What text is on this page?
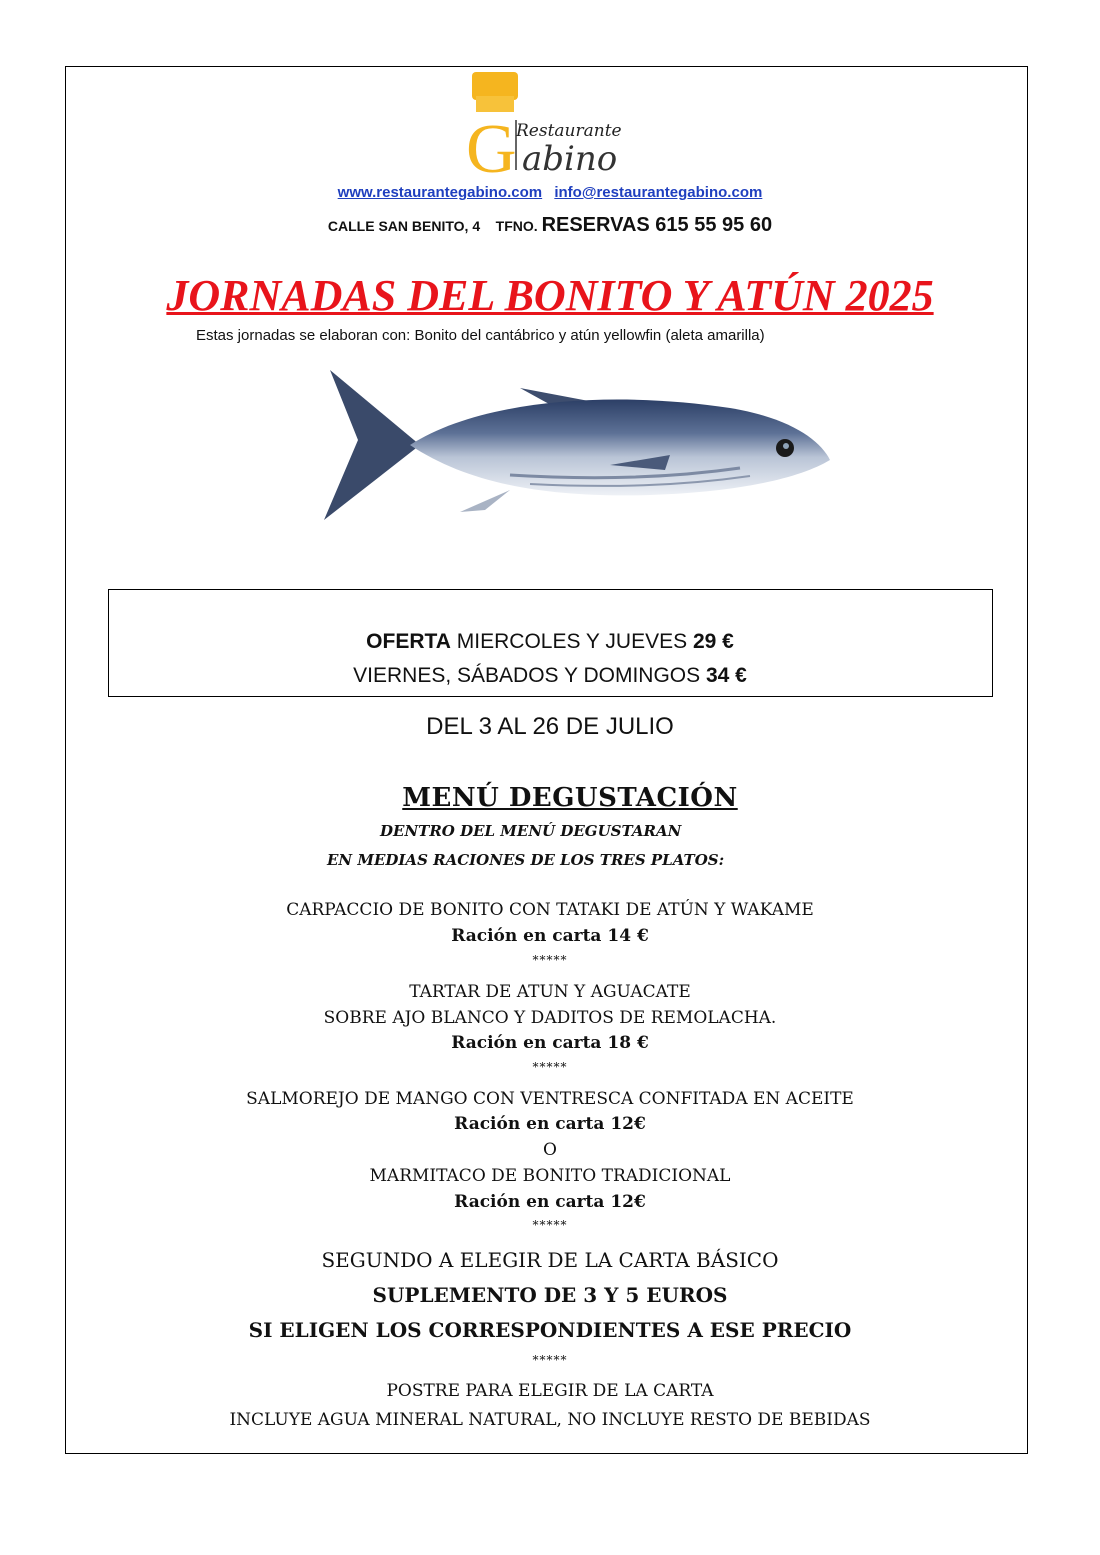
G Restaurante
abino
www.restaurantegabino.com info@restaurantegabino.com
CALLE SAN BENITO, 4 TFNO. RESERVAS 615 55 95 60
JORNADAS DEL BONITO Y ATÚN 2025
Estas jornadas se elaboran con: Bonito del cantábrico y atún yellowfin (aleta amarilla)
OFERTA MIERCOLES Y JUEVES 29 €
VIERNES, SÁBADOS Y DOMINGOS 34 €
DEL 3 AL 26 DE JULIO
MENÚ DEGUSTACIÓN
DENTRO DEL MENÚ DEGUSTARAN
EN MEDIAS RACIONES DE LOS TRES PLATOS:
CARPACCIO DE BONITO CON TATAKI DE ATÚN Y WAKAME
Ración en carta 14 €
*****
TARTAR DE ATUN Y AGUACATE
SOBRE AJO BLANCO Y DADITOS DE REMOLACHA.
Ración en carta 18 €
*****
SALMOREJO DE MANGO CON VENTRESCA CONFITADA EN ACEITE
Ración en carta 12€
O
MARMITACO DE BONITO TRADICIONAL
Ración en carta 12€
*****
SEGUNDO A ELEGIR DE LA CARTA BÁSICO
SUPLEMENTO DE 3 Y 5 EUROS
SI ELIGEN LOS CORRESPONDIENTES A ESE PRECIO
*****
POSTRE PARA ELEGIR DE LA CARTA
INCLUYE AGUA MINERAL NATURAL, NO INCLUYE RESTO DE BEBIDAS
